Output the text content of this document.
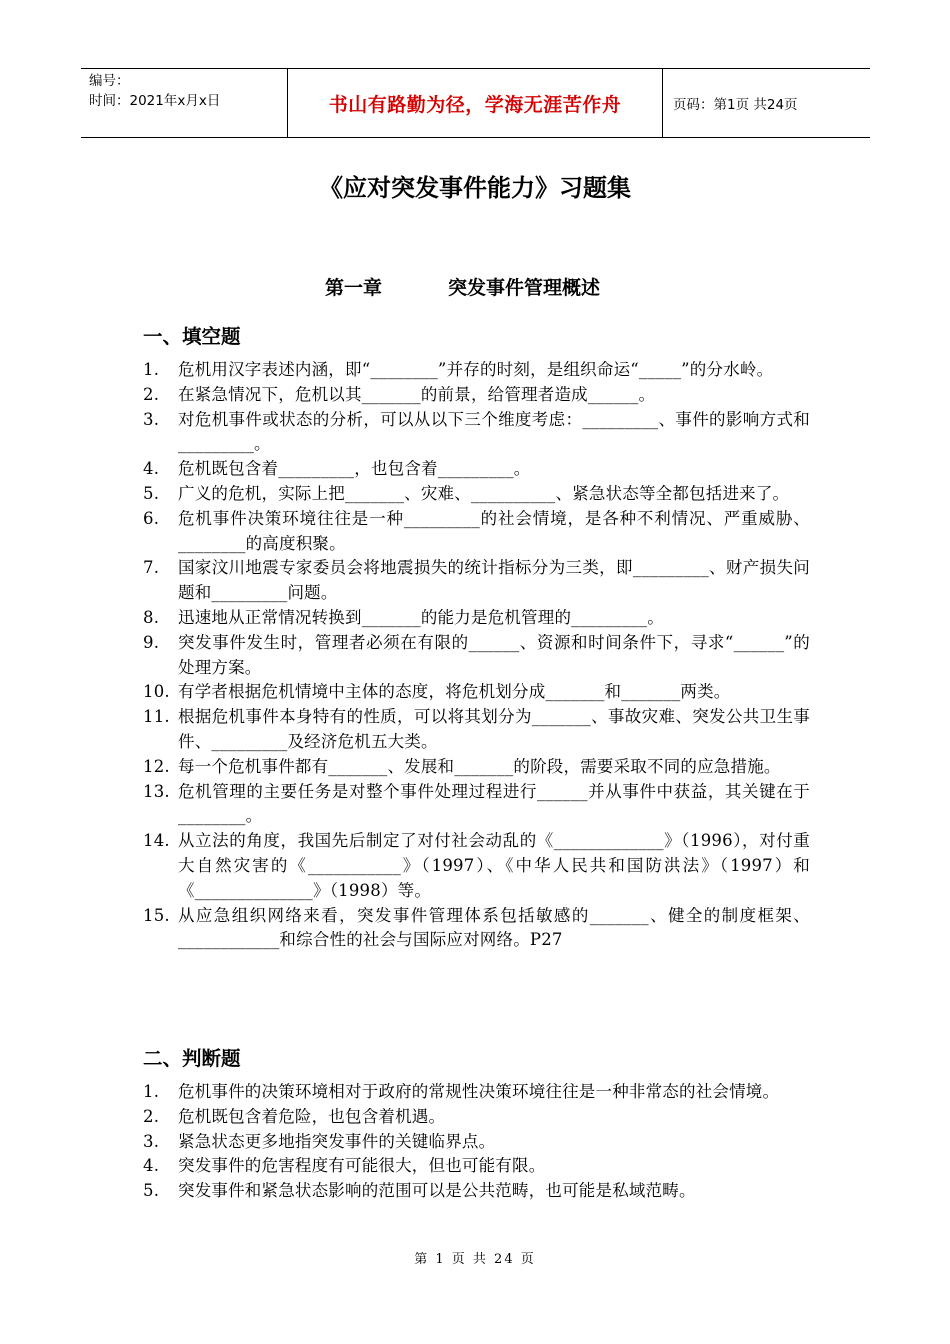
编号：
时间：2021年x月x日	书山有路勤为径，学海无涯苦作舟	页码：第1页 共24页
《应对突发事件能力》习题集
第一章	突发事件管理概述
一、填空题
1.	危机用汉字表述内涵，即“________”并存的时刻，是组织命运“_____”的分水岭。
2.	在紧急情况下，危机以其_______的前景，给管理者造成______。
3.	对危机事件或状态的分析，可以从以下三个维度考虑：_________、事件的影响方式和_________。
4.	危机既包含着_________，也包含着_________。
5.	广义的危机，实际上把_______、灾难、__________、紧急状态等全都包括进来了。
6.	危机事件决策环境往往是一种_________的社会情境，是各种不利情况、严重威胁、________的高度积聚。
7.	国家汶川地震专家委员会将地震损失的统计指标分为三类，即_________、财产损失问题和_________问题。
8.	迅速地从正常情况转换到_______的能力是危机管理的_________。
9.	突发事件发生时，管理者必须在有限的______、资源和时间条件下，寻求“______”的处理方案。
10. 有学者根据危机情境中主体的态度，将危机划分成_______和_______两类。
11. 根据危机事件本身特有的性质，可以将其划分为_______、事故灾难、突发公共卫生事件、_________及经济危机五大类。
12. 每一个危机事件都有_______、发展和_______的阶段，需要采取不同的应急措施。
13. 危机管理的主要任务是对整个事件处理过程进行______并从事件中获益，其关键在于________。
14. 从立法的角度，我国先后制定了对付社会动乱的《_____________》（1996），对付重大自然灾害的《___________》（1997）、《中华人民共和国防洪法》（1997）和《______________》（1998）等。
15. 从应急组织网络来看，突发事件管理体系包括敏感的_______、健全的制度框架、____________和综合性的社会与国际应对网络。P27
二、判断题
1.	危机事件的决策环境相对于政府的常规性决策环境往往是一种非常态的社会情境。
2.	危机既包含着危险，也包含着机遇。
3.	紧急状态更多地指突发事件的关键临界点。
4.	突发事件的危害程度有可能很大，但也可能有限。
5.	突发事件和紧急状态影响的范围可以是公共范畴，也可能是私域范畴。
第 1 页 共 24 页
